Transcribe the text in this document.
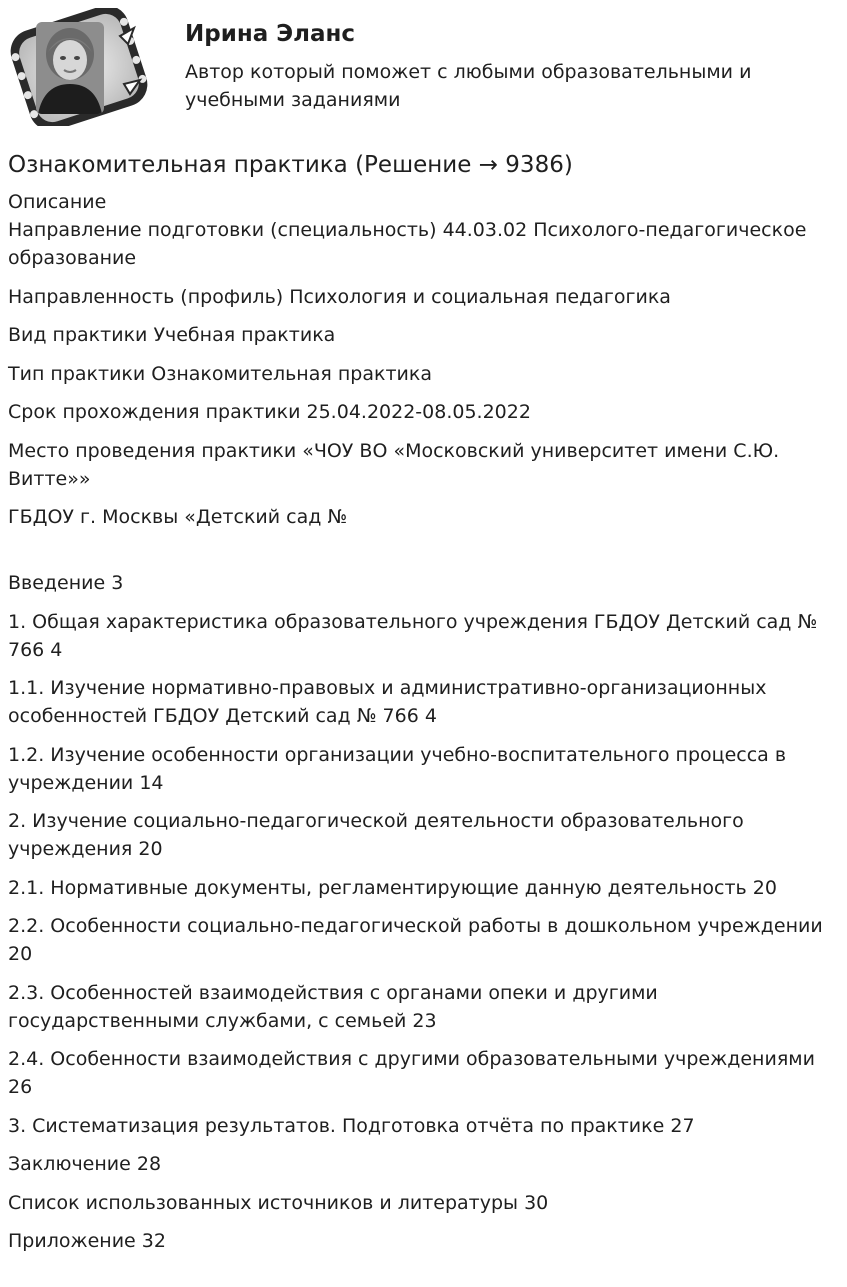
Ирина Эланс
Автор который поможет с любыми образовательными и учебными заданиями
Ознакомительная практика (Решение → 9386)
Описание

Направление подготовки (специальность) 44.03.02 Психолого-педагогическое образование

Направленность (профиль) Психология и социальная педагогика

Вид практики Учебная практика

Тип практики Ознакомительная практика

Срок прохождения практики 25.04.2022-08.05.2022

Место проведения практики «ЧОУ ВО «Московский университет имени С.Ю. Витте»»

ГБДОУ г. Москвы «Детский сад №

Введение 3

1. Общая характеристика образовательного учреждения ГБДОУ Детский сад № 766 4

1.1. Изучение нормативно-правовых и административно-организационных особенностей ГБДОУ Детский сад № 766 4

1.2. Изучение особенности организации учебно-воспитательного процесса в учреждении 14

2. Изучение социально-педагогической деятельности образовательного учреждения 20

2.1. Нормативные документы, регламентирующие данную деятельность 20

2.2. Особенности социально-педагогической работы в дошкольном учреждении 20

2.3. Особенностей взаимодействия с органами опеки и другими государственными службами, с семьей 23

2.4. Особенности взаимодействия с другими образовательными учреждениями 26

3. Систематизация результатов. Подготовка отчёта по практике 27

Заключение 28

Список использованных источников и литературы 30

Приложение 32
